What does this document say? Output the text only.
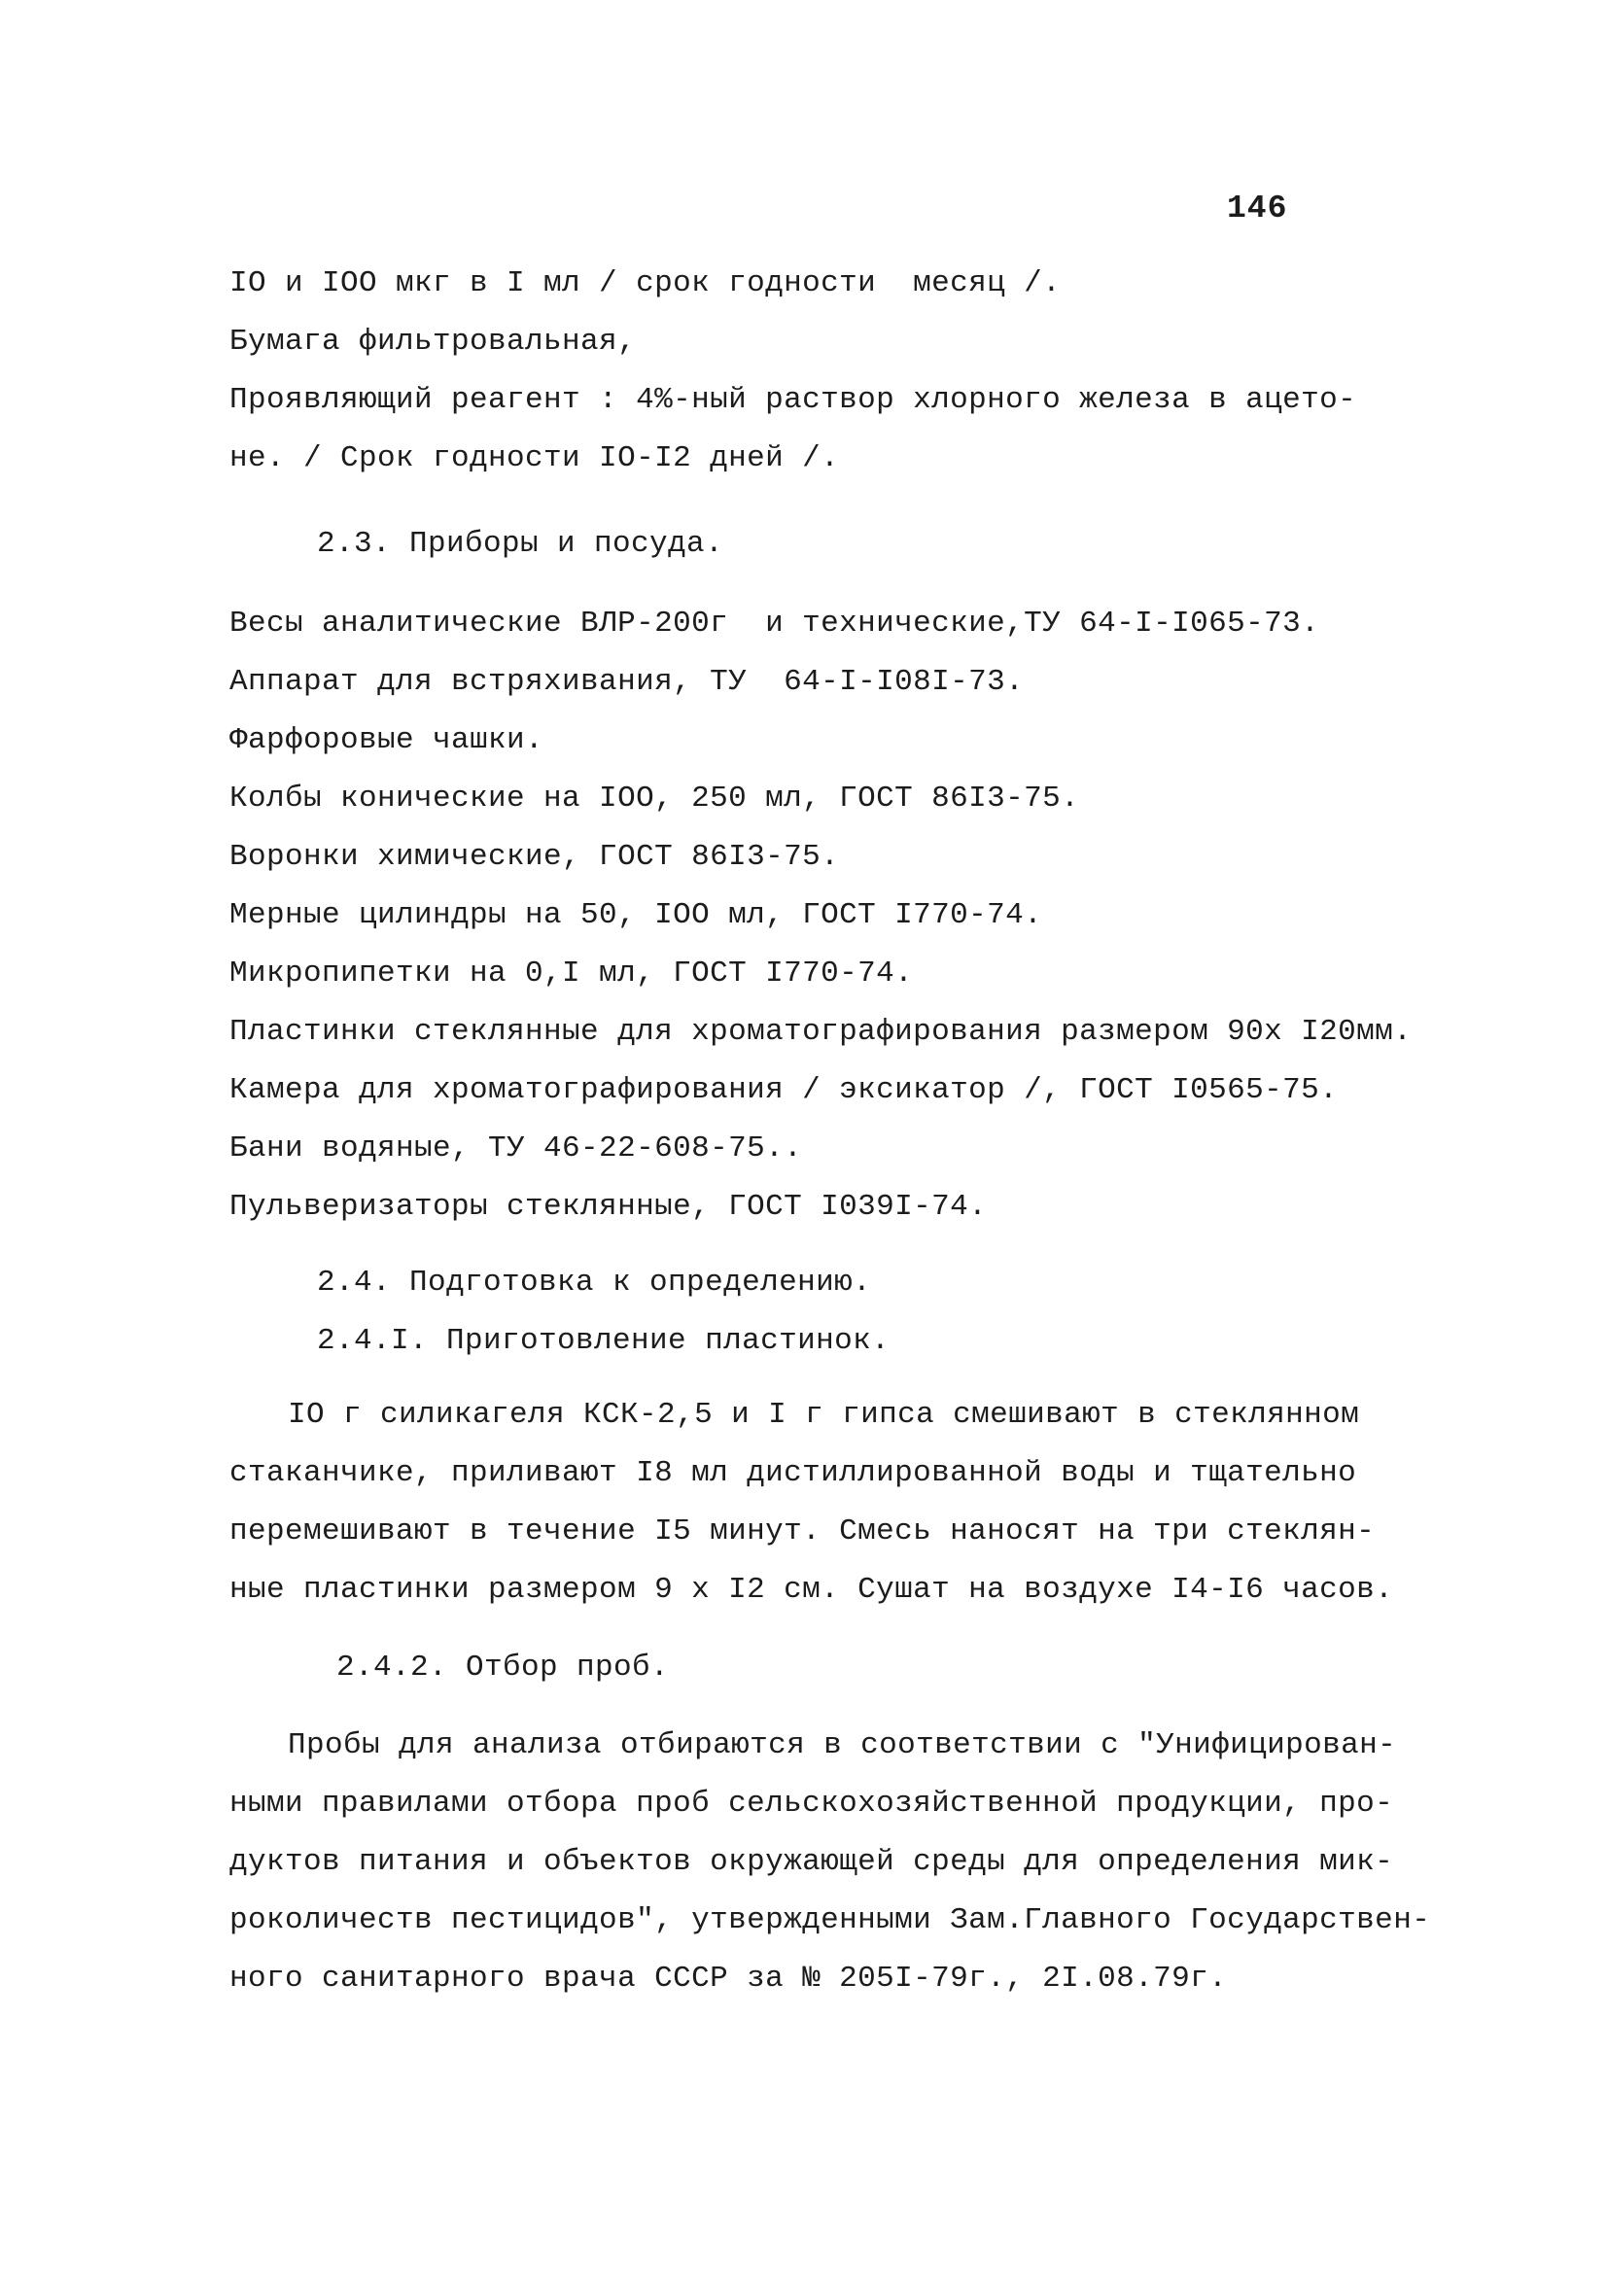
146
IO и IOO мкг в I мл / срок годности  месяц /.
Бумага фильтровальная,
Проявляющий реагент : 4%-ный раствор хлорного железа в ацето-
не. / Срок годности IO-I2 дней /.
2.3. Приборы и посуда.
Весы аналитические ВЛР-200г  и технические,ТУ 64-I-I065-73.
Аппарат для встряхивания, ТУ  64-I-I08I-73.
Фарфоровые чашки.
Колбы конические на IOO, 250 мл, ГОСТ 86I3-75.
Воронки химические, ГОСТ 86I3-75.
Мерные цилиндры на 50, IOO мл, ГОСТ I770-74.
Микропипетки на 0,I мл, ГОСТ I770-74.
Пластинки стеклянные для хроматографирования размером 90х I20мм.
Камера для хроматографирования / эксикатор /, ГОСТ I0565-75.
Бани водяные, ТУ 46-22-608-75..
Пульверизаторы стеклянные, ГОСТ I039I-74.
2.4. Подготовка к определению.
2.4.I. Приготовление пластинок.
IO г силикагеля КСК-2,5 и I г гипса смешивают в стеклянном
стаканчике, приливают I8 мл дистиллированной воды и тщательно
перемешивают в течение I5 минут. Смесь наносят на три стеклян-
ные пластинки размером 9 х I2 см. Сушат на воздухе I4-I6 часов.
2.4.2. Отбор проб.
Пробы для анализа отбираются в соответствии с "Унифицирован-
ными правилами отбора проб сельскохозяйственной продукции, про-
дуктов питания и объектов окружающей среды для определения мик-
роколичеств пестицидов", утвержденными Зам.Главного Государствен-
ного санитарного врача СССР за № 205I-79г., 2I.08.79г.
